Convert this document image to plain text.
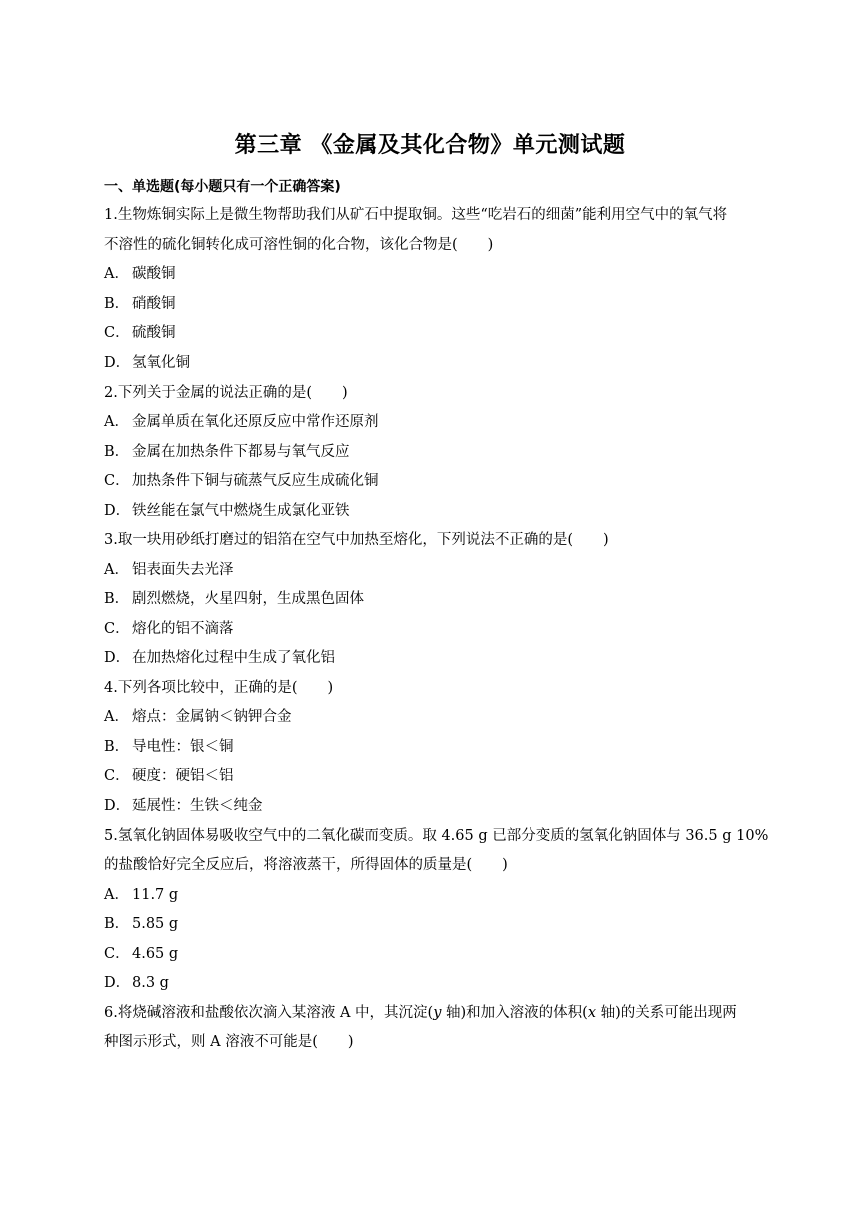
第三章 《金属及其化合物》单元测试题
一、单选题(每小题只有一个正确答案)
1.生物炼铜实际上是微生物帮助我们从矿石中提取铜。这些“吃岩石的细菌”能利用空气中的氧气将
不溶性的硫化铜转化成可溶性铜的化合物，该化合物是( )
A． 碳酸铜
B． 硝酸铜
C． 硫酸铜
D． 氢氧化铜
2.下列关于金属的说法正确的是( )
A． 金属单质在氧化还原反应中常作还原剂
B． 金属在加热条件下都易与氧气反应
C． 加热条件下铜与硫蒸气反应生成硫化铜
D． 铁丝能在氯气中燃烧生成氯化亚铁
3.取一块用砂纸打磨过的铝箔在空气中加热至熔化，下列说法不正确的是( )
A． 铝表面失去光泽
B． 剧烈燃烧，火星四射，生成黑色固体
C． 熔化的铝不滴落
D． 在加热熔化过程中生成了氧化铝
4.下列各项比较中，正确的是( )
A． 熔点：金属钠＜钠钾合金
B． 导电性：银＜铜
C． 硬度：硬铝＜铝
D． 延展性：生铁＜纯金
5.氢氧化钠固体易吸收空气中的二氧化碳而变质。取 4.65 g 已部分变质的氢氧化钠固体与 36.5 g 10%
的盐酸恰好完全反应后，将溶液蒸干，所得固体的质量是( )
A． 11.7 g
B． 5.85 g
C． 4.65 g
D． 8.3 g
6.将烧碱溶液和盐酸依次滴入某溶液 A 中，其沉淀(y 轴)和加入溶液的体积(x 轴)的关系可能出现两
种图示形式，则 A 溶液不可能是( )
